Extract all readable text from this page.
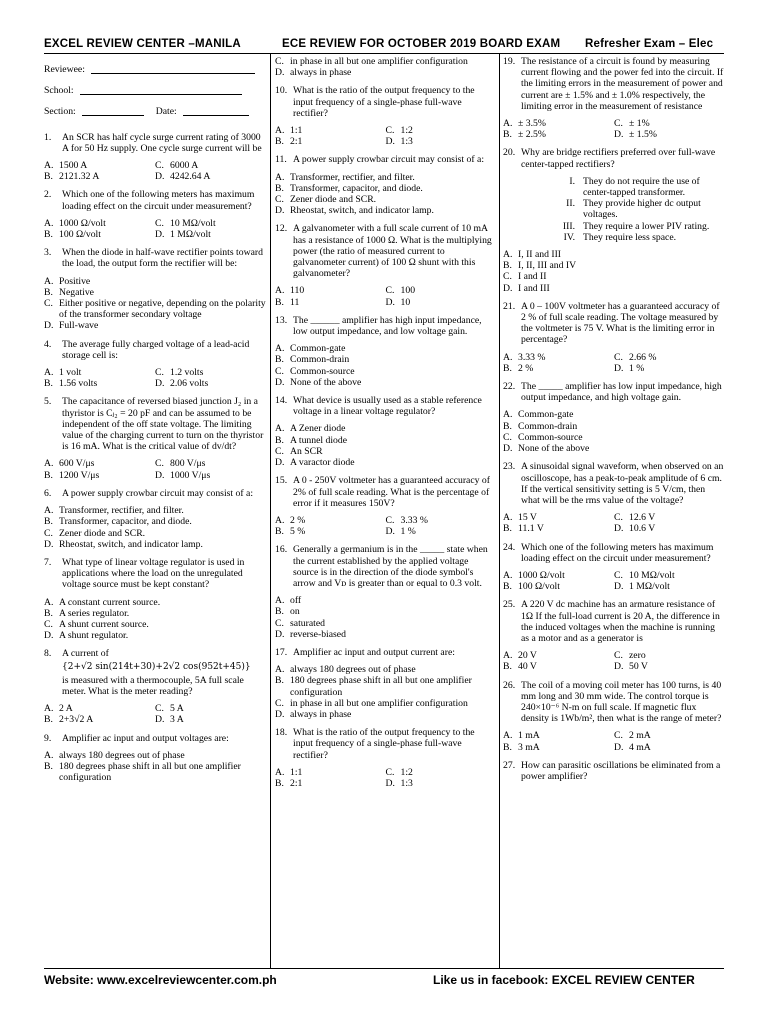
EXCEL REVIEW CENTER –MANILA	ECE REVIEW FOR OCTOBER 2019 BOARD EXAM Refresher Exam – Elec
Reviewee:
School:
Section:	Date:
1.	An SCR has half cycle surge current rating of 3000 A for 50 Hz supply. One cycle surge current will be
A. 1500 A	C. 6000 A
B. 2121.32 A	D. 4242.64 A
2.	Which one of the following meters has maximum loading effect on the circuit under measurement?
A. 1000 Ω/volt	C. 10 MΩ/volt
B. 100 Ω/volt	D. 1 MΩ/volt
3.	When the diode in half-wave rectifier points toward the load, the output form the rectifier will be:
A. Positive
B. Negative
C. Either positive or negative, depending on the polarity of the transformer secondary voltage
D. Full-wave
4.	The average fully charged voltage of a lead-acid storage cell is:
A. 1 volt	C. 1.2 volts
B. 1.56 volts	D. 2.06 volts
5.	The capacitance of reversed biased junction J₂ in a thyristor is Cⱼ₂ = 20 pF and can be assumed to be independent of the off state voltage. The limiting value of the charging current to turn on the thyristor is 16 mA. What is the critical value of dv/dt?
A. 600 V/μs	C. 800 V/μs
B. 1200 V/μs	D. 1000 V/μs
6.	A power supply crowbar circuit may consist of a:
A. Transformer, rectifier, and filter.
B. Transformer, capacitor, and diode.
C. Zener diode and SCR.
D. Rheostat, switch, and indicator lamp.
7.	What type of linear voltage regulator is used in applications where the load on the unregulated voltage source must be kept constant?
A. A constant current source.
B. A series regulator.
C. A shunt current source.
D. A shunt regulator.
8.	A current of
{2+√2 sin(214t+30)+2√2 cos(952t+45)}
is measured with a thermocouple, 5A full scale meter. What is the meter reading?
A. 2 A	C. 5 A
B. 2+3√2 A	D. 3 A
9.	Amplifier ac input and output voltages are:
A. always 180 degrees out of phase
B. 180 degrees phase shift in all but one amplifier configuration
C. in phase in all but one amplifier configuration
D. always in phase
10. What is the ratio of the output frequency to the input frequency of a single-phase full-wave rectifier?
A. 1:1	C. 1:2
B. 2:1	D. 1:3
11. A power supply crowbar circuit may consist of a:
A. Transformer, rectifier, and filter.
B. Transformer, capacitor, and diode.
C. Zener diode and SCR.
D. Rheostat, switch, and indicator lamp.
12. A galvanometer with a full scale current of 10 mA has a resistance of 1000 Ω. What is the multiplying power (the ratio of measured current to galvanometer current) of 100 Ω shunt with this galvanometer?
A. 110	C. 100
B. 11	D. 10
13. The ______ amplifier has high input impedance, low output impedance, and low voltage gain.
A. Common-gate
B. Common-drain
C. Common-source
D. None of the above
14. What device is usually used as a stable reference voltage in a linear voltage regulator?
A. A Zener diode
B. A tunnel diode
C. An SCR
D. A varactor diode
15. A 0 - 250V voltmeter has a guaranteed accuracy of 2% of full scale reading. What is the percentage of error if it measures 150V?
A. 2 %	C. 3.33 %
B. 5 %	D. 1 %
16. Generally a germanium is in the _____ state when the current established by the applied voltage source is in the direction of the diode symbol's arrow and Vᴅ is greater than or equal to 0.3 volt.
A. off
B. on
C. saturated
D. reverse-biased
17. Amplifier ac input and output current are:
A. always 180 degrees out of phase
B. 180 degrees phase shift in all but one amplifier configuration
C. in phase in all but one amplifier configuration
D. always in phase
18. What is the ratio of the output frequency to the input frequency of a single-phase full-wave rectifier?
A. 1:1	C. 1:2
B. 2:1	D. 1:3
19. The resistance of a circuit is found by measuring current flowing and the power fed into the circuit. If the limiting errors in the measurement of power and current are ± 1.5% and ± 1.0% respectively, the limiting error in the measurement of resistance
A. ± 3.5%	C. ± 1%
B. ± 2.5%	D. ± 1.5%
20. Why are bridge rectifiers preferred over full-wave center-tapped rectifiers?
I. They do not require the use of center-tapped transformer.
II. They provide higher dc output voltages.
III. They require a lower PIV rating.
IV. They require less space.
A. I, II and III
B. I, II, III and IV
C. I and II
D. I and III
21. A 0 – 100V voltmeter has a guaranteed accuracy of 2 % of full scale reading. The voltage measured by the voltmeter is 75 V. What is the limiting error in percentage?
A. 3.33 %	C. 2.66 %
B. 2 %	D. 1 %
22. The _____ amplifier has low input impedance, high output impedance, and high voltage gain.
A. Common-gate
B. Common-drain
C. Common-source
D. None of the above
23. A sinusoidal signal waveform, when observed on an oscilloscope, has a peak-to-peak amplitude of 6 cm. If the vertical sensitivity setting is 5 V/cm, then what will be the rms value of the voltage?
A. 15 V	C. 12.6 V
B. 11.1 V	D. 10.6 V
24. Which one of the following meters has maximum loading effect on the circuit under measurement?
A. 1000 Ω/volt	C. 10 MΩ/volt
B. 100 Ω/volt	D. 1 MΩ/volt
25. A 220 V dc machine has an armature resistance of 1Ω If the full-load current is 20 A, the difference in the induced voltages when the machine is running as a motor and as a generator is
A. 20 V	C. zero
B. 40 V	D. 50 V
26. The coil of a moving coil meter has 100 turns, is 40 mm long and 30 mm wide. The control torque is 240×10⁻⁶ N-m on full scale. If magnetic flux density is 1Wb/m², then what is the range of meter?
A. 1 mA	C. 2 mA
B. 3 mA	D. 4 mA
27. How can parasitic oscillations be eliminated from a power amplifier?
Website: www.excelreviewcenter.com.ph	Like us in facebook: EXCEL REVIEW CENTER
